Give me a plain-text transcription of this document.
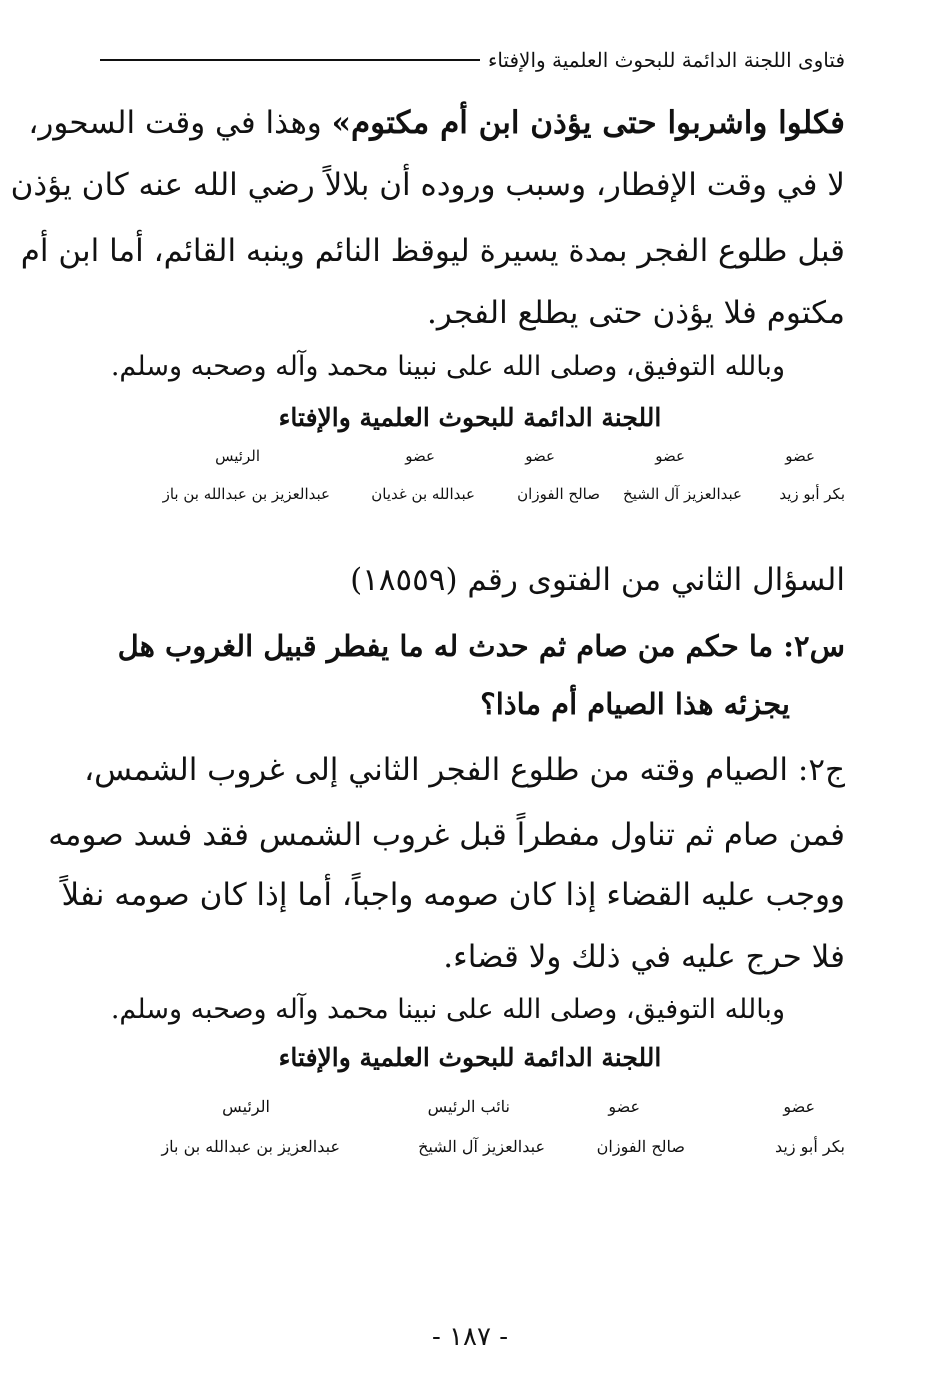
فتاوى اللجنة الدائمة للبحوث العلمية والإفتاء
فكلوا واشربوا حتى يؤذن ابن أم مكتوم» وهذا في وقت السحور،
لا في وقت الإفطار، وسبب وروده أن بلالاً رضي الله عنه كان يؤذن
قبل طلوع الفجر بمدة يسيرة ليوقظ النائم وينبه القائم، أما ابن أم
مكتوم فلا يؤذن حتى يطلع الفجر.
وبالله التوفيق، وصلى الله على نبينا محمد وآله وصحبه وسلم.
اللجنة الدائمة للبحوث العلمية والإفتاء
عضو
عضو
عضو
عضو
الرئيس
بكر أبو زيد
عبدالعزيز آل الشيخ
صالح الفوزان
عبدالله بن غديان
عبدالعزيز بن عبدالله بن باز
السؤال الثاني من الفتوى رقم (١٨٥٥٩)
س٢: ما حكم من صام ثم حدث له ما يفطر قبيل الغروب هل
يجزئه هذا الصيام أم ماذا؟
ج٢: الصيام وقته من طلوع الفجر الثاني إلى غروب الشمس،
فمن صام ثم تناول مفطراً قبل غروب الشمس فقد فسد صومه
ووجب عليه القضاء إذا كان صومه واجباً، أما إذا كان صومه نفلاً
فلا حرج عليه في ذلك ولا قضاء.
وبالله التوفيق، وصلى الله على نبينا محمد وآله وصحبه وسلم.
اللجنة الدائمة للبحوث العلمية والإفتاء
عضو
عضو
نائب الرئيس
الرئيس
بكر أبو زيد
صالح الفوزان
عبدالعزيز آل الشيخ
عبدالعزيز بن عبدالله بن باز
- ١٨٧ -
